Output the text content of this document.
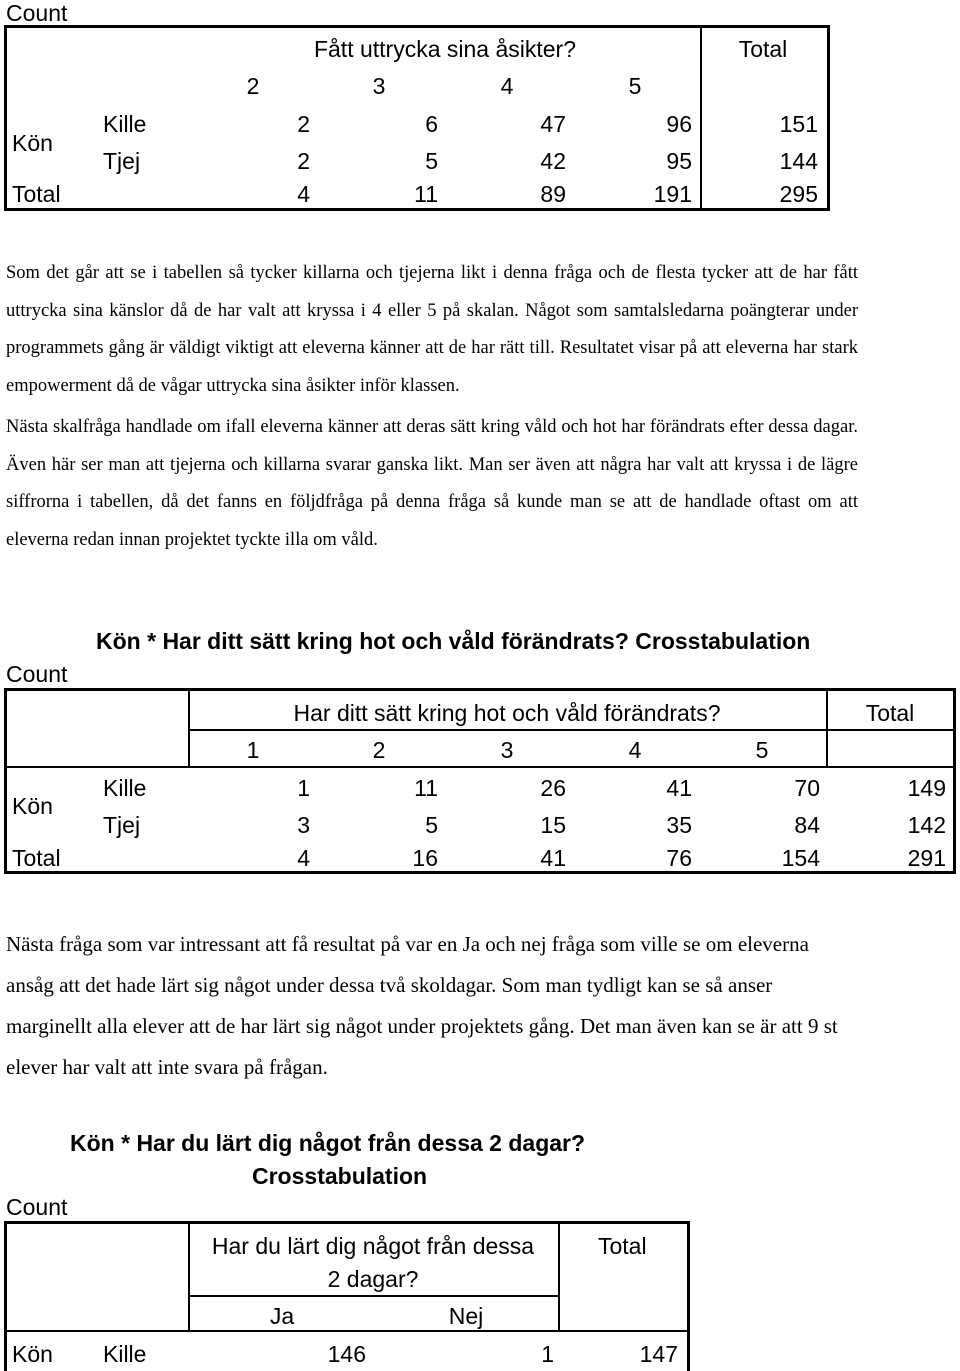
Count
Fått uttrycka sina åsikter?	Total
2	3	4	5
Kön
Kille	2	6	47	96	151
Tjej	2	5	42	95	144
Total	4	11	89	191	295

Som det går att se i tabellen så tycker killarna och tjejerna likt i denna fråga och de flesta tycker att de har fått uttrycka sina känslor då de har valt att kryssa i 4 eller 5 på skalan. Något som samtalsledarna poängterar under programmets gång är väldigt viktigt att eleverna känner att de har rätt till. Resultatet visar på att eleverna har stark empowerment då de vågar uttrycka sina åsikter inför klassen.

Nästa skalfråga handlade om ifall eleverna känner att deras sätt kring våld och hot har förändrats efter dessa dagar. Även här ser man att tjejerna och killarna svarar ganska likt. Man ser även att några har valt att kryssa i de lägre siffrorna i tabellen, då det fanns en följdfråga på denna fråga så kunde man se att de handlade oftast om att eleverna redan innan projektet tyckte illa om våld.

Kön * Har ditt sätt kring hot och våld förändrats? Crosstabulation
Count
Har ditt sätt kring hot och våld förändrats?	Total
1	2	3	4	5
Kön
Kille	1	11	26	41	70	149
Tjej	3	5	15	35	84	142
Total	4	16	41	76	154	291

Nästa fråga som var intressant att få resultat på var en Ja och nej fråga som ville se om eleverna ansåg att det hade lärt sig något under dessa två skoldagar. Som man tydligt kan se så anser marginellt alla elever att de har lärt sig något under projektets gång. Det man även kan se är att 9 st elever har valt att inte svara på frågan.

Kön * Har du lärt dig något från dessa 2 dagar?
Crosstabulation
Count
Har du lärt dig något från dessa
2 dagar?
Total
Ja	Nej
Kön Kille	146	1	147
